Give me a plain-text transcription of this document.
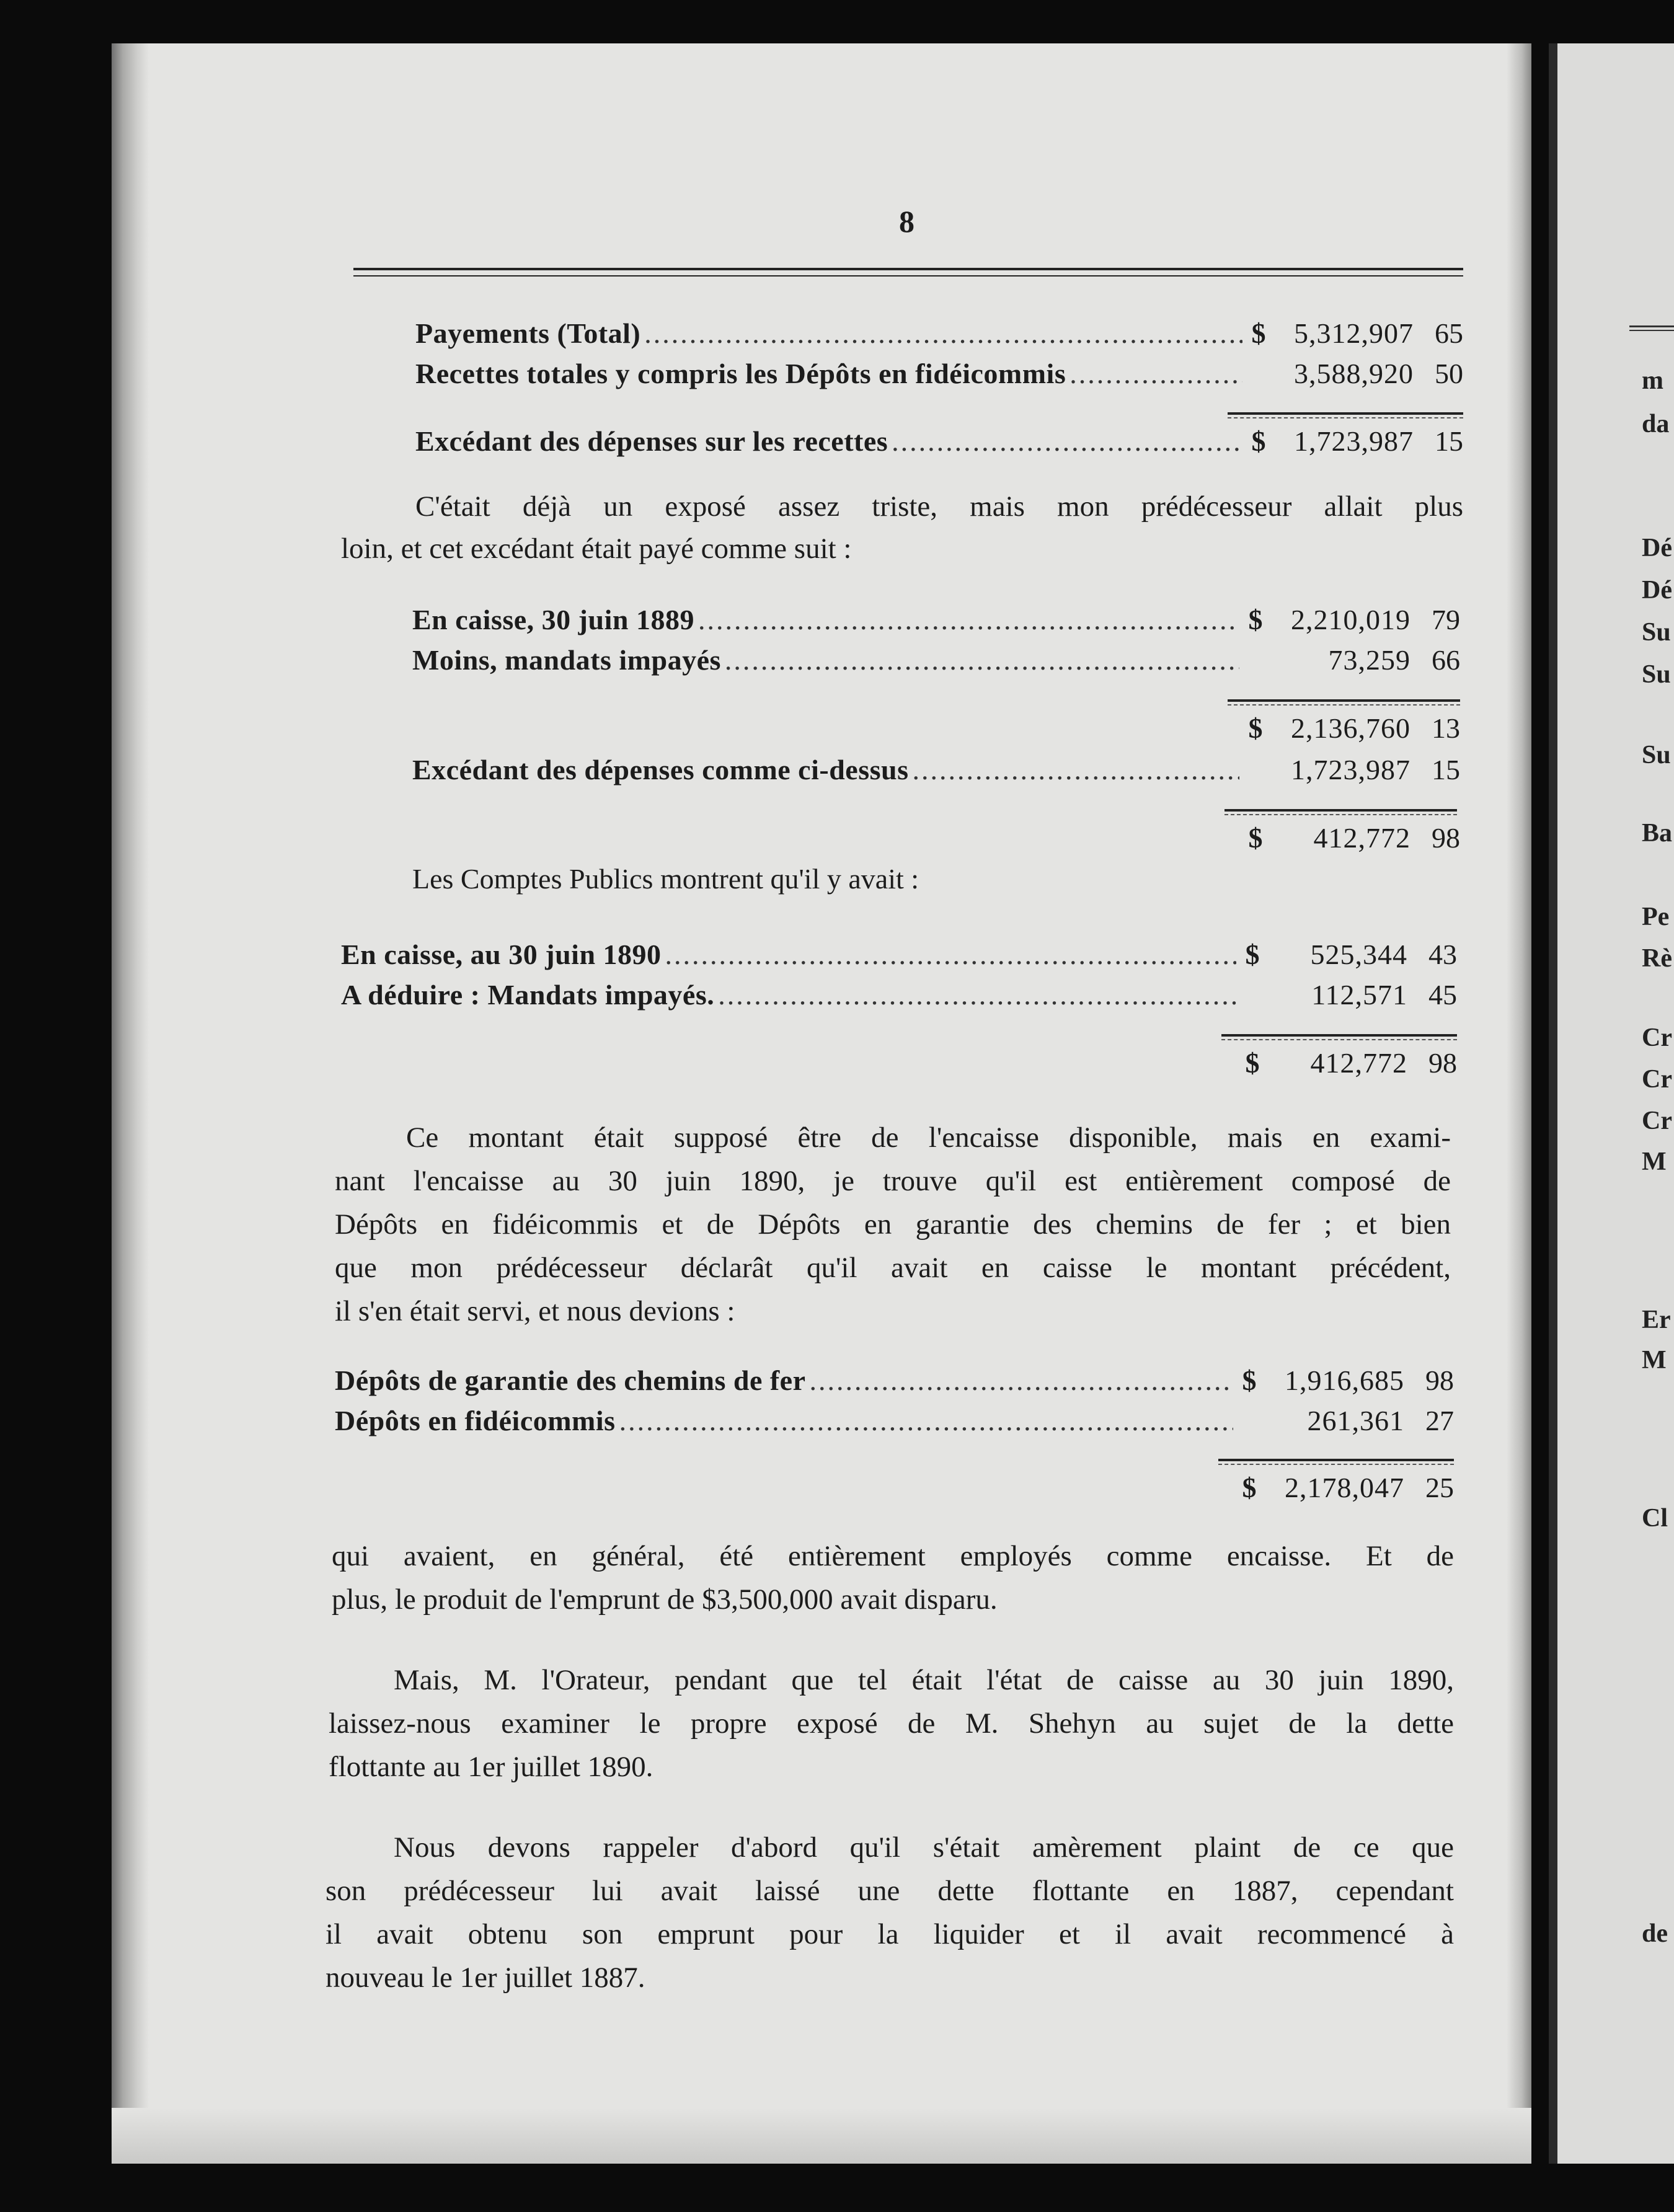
8
Payements (Total) .....	$ 5,312,907 65
Recettes totales y compris les Dépôts en fidéicommis .....	3,588,920 50
Excédant des dépenses sur les recettes .....	$ 1,723,987 15
C'était déjà un exposé assez triste, mais mon prédécesseur allait plus
loin, et cet excédant était payé comme suit :
En caisse, 30 juin 1889 .....	$ 2,210,019 79
Moins, mandats impayés .....	73,259 66
$ 2,136,760 13
Excédant des dépenses comme ci-dessus .....	1,723,987 15
$	412,772 98
Les Comptes Publics montrent qu'il y avait :
En caisse, au 30 juin 1890 .....	$	525,344 43
A déduire : Mandats impayés. .....	112,571 45
$	412,772 98
Ce montant était supposé être de l'encaisse disponible, mais en exami-
nant l'encaisse au 30 juin 1890, je trouve qu'il est entièrement composé de
Dépôts en fidéicommis et de Dépôts en garantie des chemins de fer ; et bien
que mon prédécesseur déclarât qu'il avait en caisse le montant précédent,
il s'en était servi, et nous devions :
Dépôts de garantie des chemins de fer .....	$ 1,916,685 98
Dépôts en fidéicommis .....	261,361 27
$ 2,178,047 25
qui avaient, en général, été entièrement employés comme encaisse. Et de
plus, le produit de l'emprunt de $3,500,000 avait disparu.
Mais, M. l'Orateur, pendant que tel était l'état de caisse au 30 juin 1890,
laissez-nous examiner le propre exposé de M. Shehyn au sujet de la dette
flottante au 1er juillet 1890.
Nous devons rappeler d'abord qu'il s'était amèrement plaint de ce que
son prédécesseur lui avait laissé une dette flottante en 1887, cependant
il avait obtenu son emprunt pour la liquider et il avait recommencé à
nouveau le 1er juillet 1887.
m
da
Dé
Dé
Su
Su
Su
Ba
Pe
Rè
Cr
Cr
Cr
M
Er
M
Cl
de
